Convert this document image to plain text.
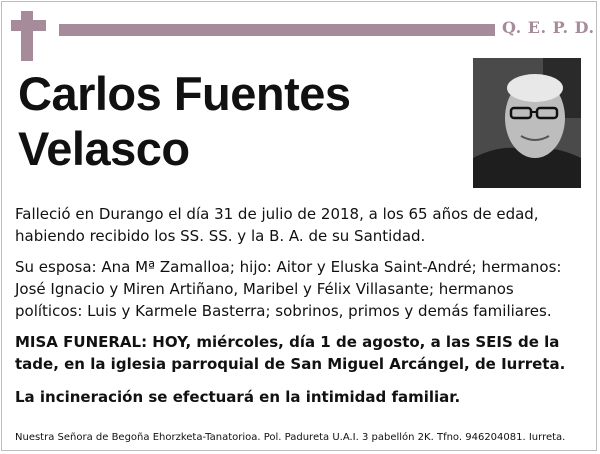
Q. E. P. D.
Carlos Fuentes
Velasco
Falleció en Durango el día 31 de julio de 2018, a los 65 años de edad,
habiendo recibido los SS. SS. y la B. A. de su Santidad.
Su esposa: Ana Mª Zamalloa; hijo: Aitor y Eluska Saint-André; hermanos:
José Ignacio y Miren Artiñano, Maribel y Félix Villasante; hermanos
políticos: Luis y Karmele Basterra; sobrinos, primos y demás familiares.
MISA FUNERAL: HOY, miércoles, día 1 de agosto, a las SEIS de la
tade, en la iglesia parroquial de San Miguel Arcángel, de Iurreta.
La incineración se efectuará en la intimidad familiar.
Nuestra Señora de Begoña Ehorzketa-Tanatorioa. Pol. Padureta U.A.I. 3 pabellón 2K. Tfno. 946204081. Iurreta.
